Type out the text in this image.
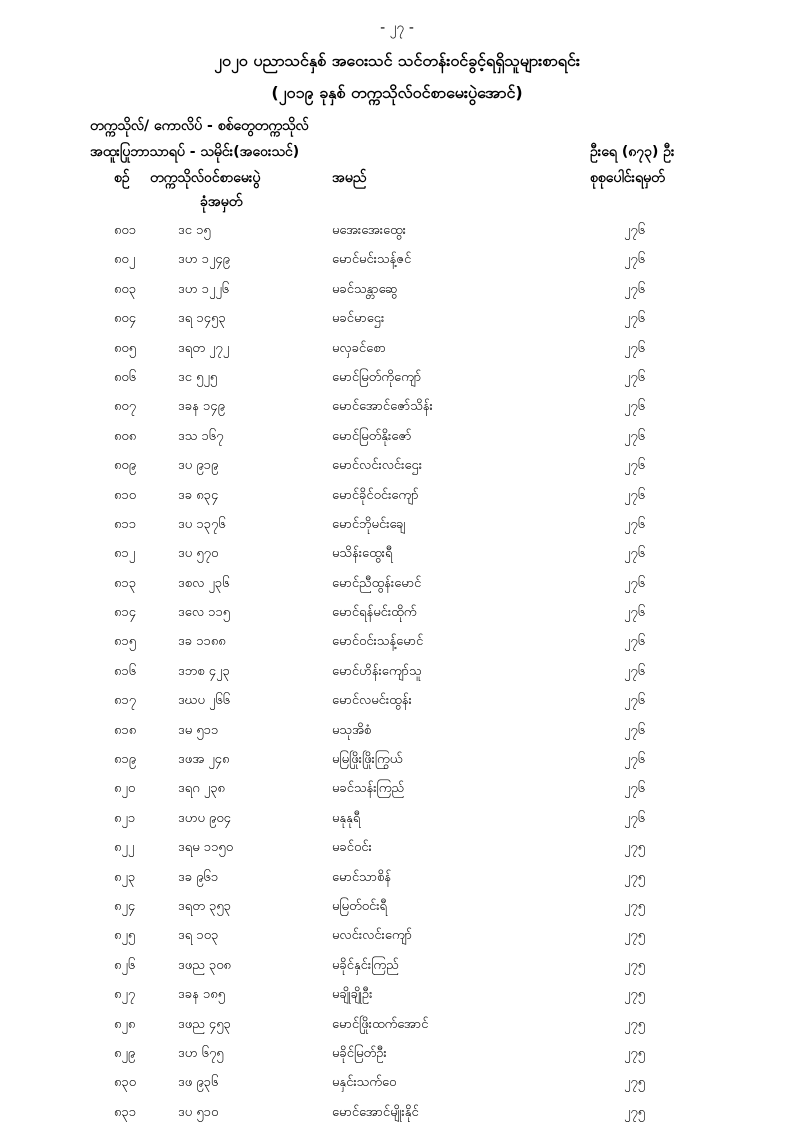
- ၂၇ -
၂၀၂၀ ပညာသင်နှစ် အဝေးသင် သင်တန်းဝင်ခွင့်ရရှိသူများစာရင်း
(၂၀၁၉ ခုနှစ် တက္ကသိုလ်ဝင်စာမေးပွဲအောင်)
တက္ကသိုလ်/ ကောလိပ် - စစ်တွေတက္ကသိုလ်
အထူးပြုဘာသာရပ် - သမိုင်း(အဝေးသင်)	ဦးရေ (၈၇၃) ဦး
စဉ် တက္ကသိုလ်ဝင်စာမေးပွဲ
ခုံအမှတ်
အမည်	စုစုပေါင်းရမှတ်
၈၀၁	ဒင ၁၅	မအေးအေးထွေး	၂၇၆
၈၀၂	ဒဟ ၁၂၄၉	မောင်မင်းသန့်ဇင်	၂၇၆
၈၀၃	ဒဟ ၁၂၂၆	မခင်သန္တာဆွေ	၂၇၆
၈၀၄	ဒရ ၁၄၅၃	မခင်မာဌေး	၂၇၆
၈၀၅	ဒရတ ၂၇၂	မလှခင်စော	၂၇၆
၈၀၆	ဒင ၅၂၅	မောင်မြတ်ကိုကျော်	၂၇၆
၈၀၇	ဒခန ၁၄၉	မောင်အောင်ဇော်သိန်း	၂၇၆
၈၀၈	ဒသ ၁၆၇	မောင်မြတ်နိုးဇော်	၂၇၆
၈၀၉	ဒပ ၉၁၉	မောင်လင်းလင်းဌေး	၂၇၆
၈၁၀	ဒခ ၈၃၄	မောင်ခိုင်ဝင်းကျော်	၂၇၆
၈၁၁	ဒပ ၁၃၇၆	မောင်ဘိုမင်းချေ	၂၇၆
၈၁၂	ဒပ ၅၇၀	မသိန်းထွေးရီ	၂၇၆
၈၁၃	ဒစလ ၂၃၆	မောင်ညီထွန်းမောင်	၂၇၆
၈၁၄	ဒလေ ၁၁၅	မောင်ရန်မင်းထိုက်	၂၇၆
၈၁၅	ဒခ ၁၁၈၈	မောင်ဝင်းသန့်မောင်	၂၇၆
၈၁၆	ဒဘစ ၄၂၃	မောင်ဟိန်းကျော်သူ	၂၇၆
၈၁၇	ဒဃပ ၂၆၆	မောင်လမင်းထွန်း	၂၇၆
၈၁၈	ဒမ ၅၁၁	မသုအိစံ	၂၇၆
၈၁၉	ဒဖအ ၂၄၈	မမြဖြိုးဖြိုးကြွယ်	၂၇၆
၈၂၀	ဒရဂ ၂၃၈	မခင်သန်းကြည်	၂၇၆
၈၂၁	ဒဟပ ၉၀၄	မနုနုရီ	၂၇၆
၈၂၂	ဒရမ ၁၁၅၀	မခင်ဝင်း	၂၇၅
၈၂၃	ဒခ ၉၆၁	မောင်သာစိန်	၂၇၅
၈၂၄	ဒရတ ၃၅၃	မမြတ်ဝင်းရီ	၂၇၅
၈၂၅	ဒရ ၁၀၃	မလင်းလင်းကျော်	၂၇၅
၈၂၆	ဒဖည ၃၀၈	မခိုင်နှင်းကြည်	၂၇၅
၈၂၇	ဒခန ၁၈၅	မချိုချိုဦး	၂၇၅
၈၂၈	ဒဖည ၄၅၃	မောင်ဖြိုးထက်အောင်	၂၇၅
၈၂၉	ဒဟ ၆၇၅	မခိုင်မြတ်ဦး	၂၇၅
၈၃၀	ဒဖ ၉၃၆	မနှင်းသက်ဝေ	၂၇၅
၈၃၁	ဒပ ၅၁၀	မောင်အောင်မျိုးနိုင်	၂၇၅
